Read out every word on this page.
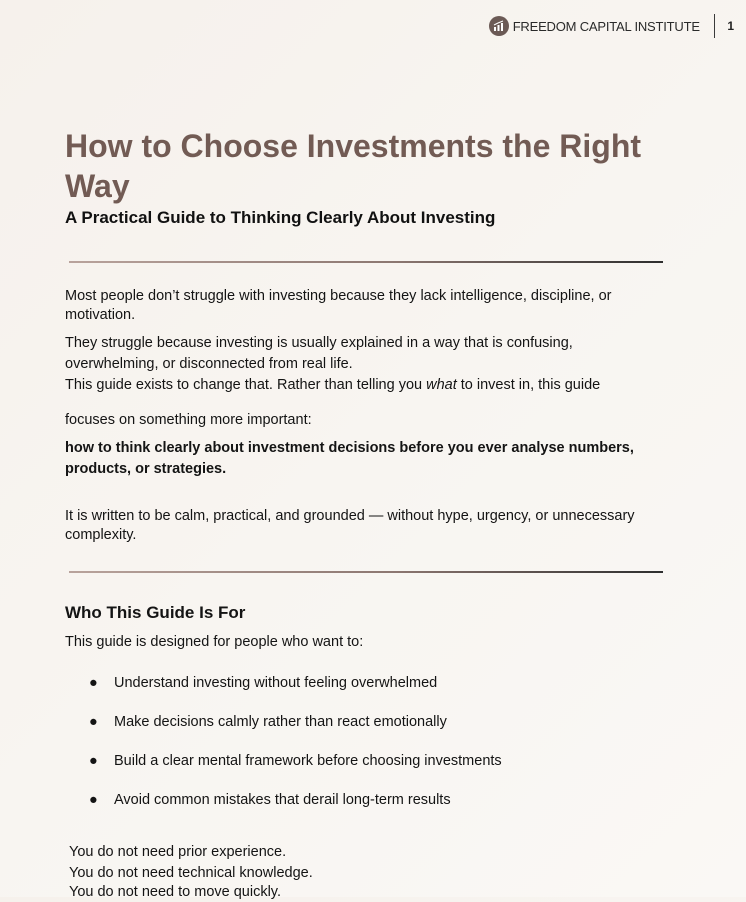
FREEDOM CAPITAL INSTITUTE 1
How to Choose Investments the Right Way
A Practical Guide to Thinking Clearly About Investing

Most people don’t struggle with investing because they lack intelligence, discipline, or motivation.

They struggle because investing is usually explained in a way that is confusing,

overwhelming, or disconnected from real life.

This guide exists to change that. Rather than telling you what to invest in, this guide

focuses on something more important:

how to think clearly about investment decisions before you ever analyse numbers, products, or strategies.

It is written to be calm, practical, and grounded — without hype, urgency, or unnecessary complexity.

Who This Guide Is For

This guide is designed for people who want to:

● Understand investing without feeling overwhelmed
● Make decisions calmly rather than react emotionally
● Build a clear mental framework before choosing investments
● Avoid common mistakes that derail long-term results

You do not need prior experience.

You do not need technical knowledge.

You do not need to move quickly.
